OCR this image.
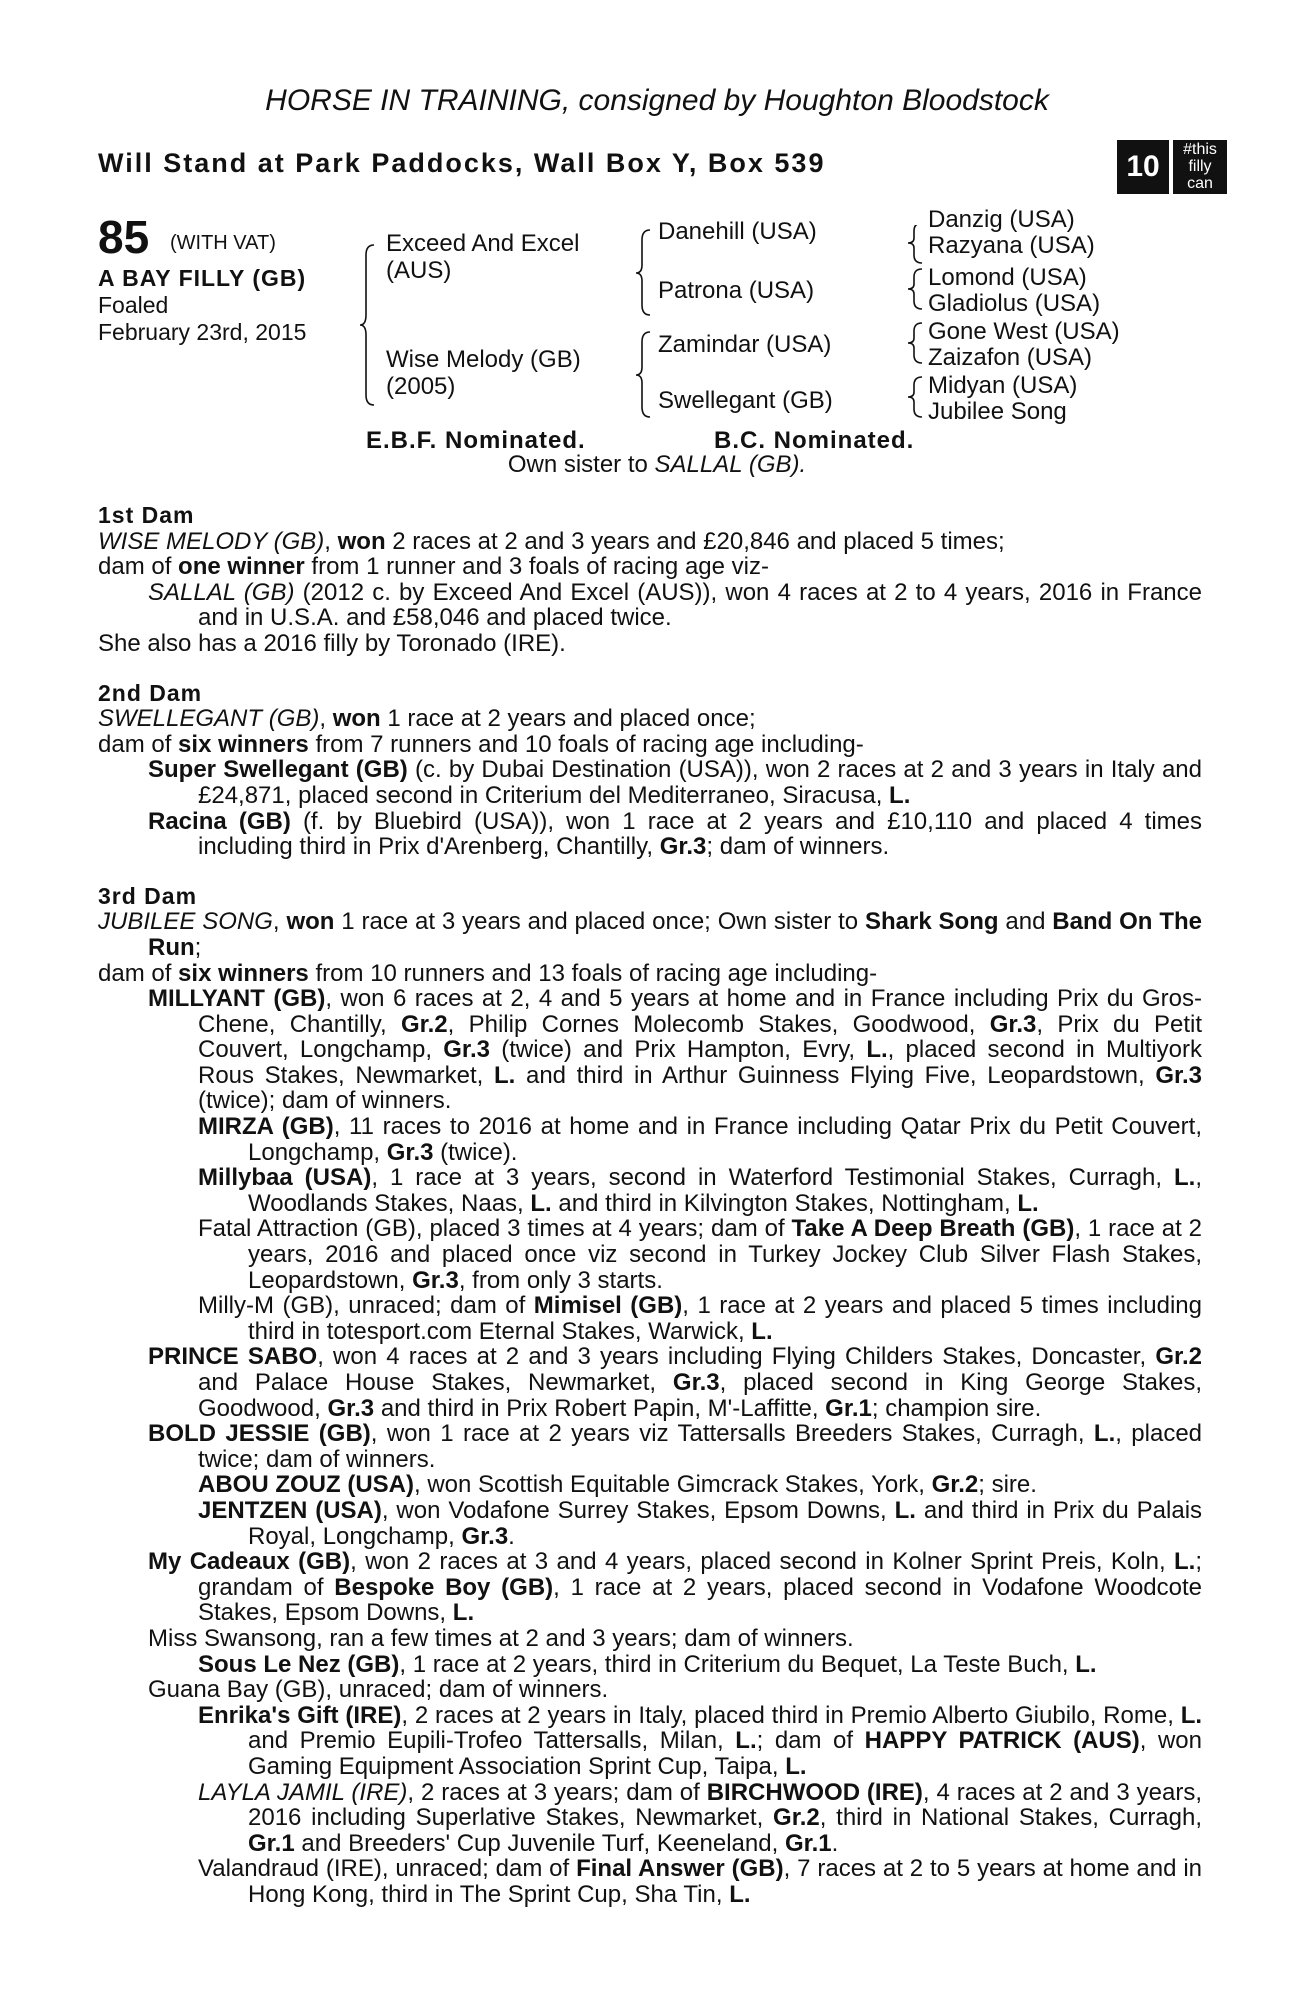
HORSE IN TRAINING, consigned by Houghton Bloodstock
Will Stand at Park Paddocks, Wall Box Y, Box 539	10
#this
filly
can
85 (WITH VAT)
A BAY FILLY (GB)
Foaled
February 23rd, 2015
Exceed And Excel
(AUS)
Wise Melody (GB)
(2005)
Danehill (USA)
Patrona (USA)
Zamindar (USA)
Swellegant (GB)
Danzig (USA)
Razyana (USA)
Lomond (USA)
Gladiolus (USA)
Gone West (USA)
Zaizafon (USA)
Midyan (USA)
Jubilee Song
E.B.F. Nominated.	B.C. Nominated.
Own sister to SALLAL (GB).

1st Dam

WISE MELODY (GB), won 2 races at 2 and 3 years and £20,846 and placed 5 times;

dam of one winner from 1 runner and 3 foals of racing age viz-

SALLAL (GB) (2012 c. by Exceed And Excel (AUS)), won 4 races at 2 to 4 years, 2016 in France and in U.S.A. and £58,046 and placed twice.

She also has a 2016 filly by Toronado (IRE).

2nd Dam

SWELLEGANT (GB), won 1 race at 2 years and placed once;

dam of six winners from 7 runners and 10 foals of racing age including-

Super Swellegant (GB) (c. by Dubai Destination (USA)), won 2 races at 2 and 3 years in Italy and £24,871, placed second in Criterium del Mediterraneo, Siracusa, L.

Racina (GB) (f. by Bluebird (USA)), won 1 race at 2 years and £10,110 and placed 4 times including third in Prix d'Arenberg, Chantilly, Gr.3; dam of winners.

3rd Dam

JUBILEE SONG, won 1 race at 3 years and placed once; Own sister to Shark Song and Band On The Run;

dam of six winners from 10 runners and 13 foals of racing age including-

MILLYANT (GB), won 6 races at 2, 4 and 5 years at home and in France including Prix du Gros-Chene, Chantilly, Gr.2, Philip Cornes Molecomb Stakes, Goodwood, Gr.3, Prix du Petit Couvert, Longchamp, Gr.3 (twice) and Prix Hampton, Evry, L., placed second in Multiyork Rous Stakes, Newmarket, L. and third in Arthur Guinness Flying Five, Leopardstown, Gr.3 (twice); dam of winners.

MIRZA (GB), 11 races to 2016 at home and in France including Qatar Prix du Petit Couvert, Longchamp, Gr.3 (twice).

Millybaa (USA), 1 race at 3 years, second in Waterford Testimonial Stakes, Curragh, L., Woodlands Stakes, Naas, L. and third in Kilvington Stakes, Nottingham, L.

Fatal Attraction (GB), placed 3 times at 4 years; dam of Take A Deep Breath (GB), 1 race at 2 years, 2016 and placed once viz second in Turkey Jockey Club Silver Flash Stakes, Leopardstown, Gr.3, from only 3 starts.

Milly-M (GB), unraced; dam of Mimisel (GB), 1 race at 2 years and placed 5 times including third in totesport.com Eternal Stakes, Warwick, L.

PRINCE SABO, won 4 races at 2 and 3 years including Flying Childers Stakes, Doncaster, Gr.2 and Palace House Stakes, Newmarket, Gr.3, placed second in King George Stakes, Goodwood, Gr.3 and third in Prix Robert Papin, M'-Laffitte, Gr.1; champion sire.

BOLD JESSIE (GB), won 1 race at 2 years viz Tattersalls Breeders Stakes, Curragh, L., placed twice; dam of winners.

ABOU ZOUZ (USA), won Scottish Equitable Gimcrack Stakes, York, Gr.2; sire.

JENTZEN (USA), won Vodafone Surrey Stakes, Epsom Downs, L. and third in Prix du Palais Royal, Longchamp, Gr.3.

My Cadeaux (GB), won 2 races at 3 and 4 years, placed second in Kolner Sprint Preis, Koln, L.; grandam of Bespoke Boy (GB), 1 race at 2 years, placed second in Vodafone Woodcote Stakes, Epsom Downs, L.

Miss Swansong, ran a few times at 2 and 3 years; dam of winners.

Sous Le Nez (GB), 1 race at 2 years, third in Criterium du Bequet, La Teste Buch, L.

Guana Bay (GB), unraced; dam of winners.

Enrika's Gift (IRE), 2 races at 2 years in Italy, placed third in Premio Alberto Giubilo, Rome, L. and Premio Eupili-Trofeo Tattersalls, Milan, L.; dam of HAPPY PATRICK (AUS), won Gaming Equipment Association Sprint Cup, Taipa, L.

LAYLA JAMIL (IRE), 2 races at 3 years; dam of BIRCHWOOD (IRE), 4 races at 2 and 3 years, 2016 including Superlative Stakes, Newmarket, Gr.2, third in National Stakes, Curragh, Gr.1 and Breeders' Cup Juvenile Turf, Keeneland, Gr.1.

Valandraud (IRE), unraced; dam of Final Answer (GB), 7 races at 2 to 5 years at home and in Hong Kong, third in The Sprint Cup, Sha Tin, L.
